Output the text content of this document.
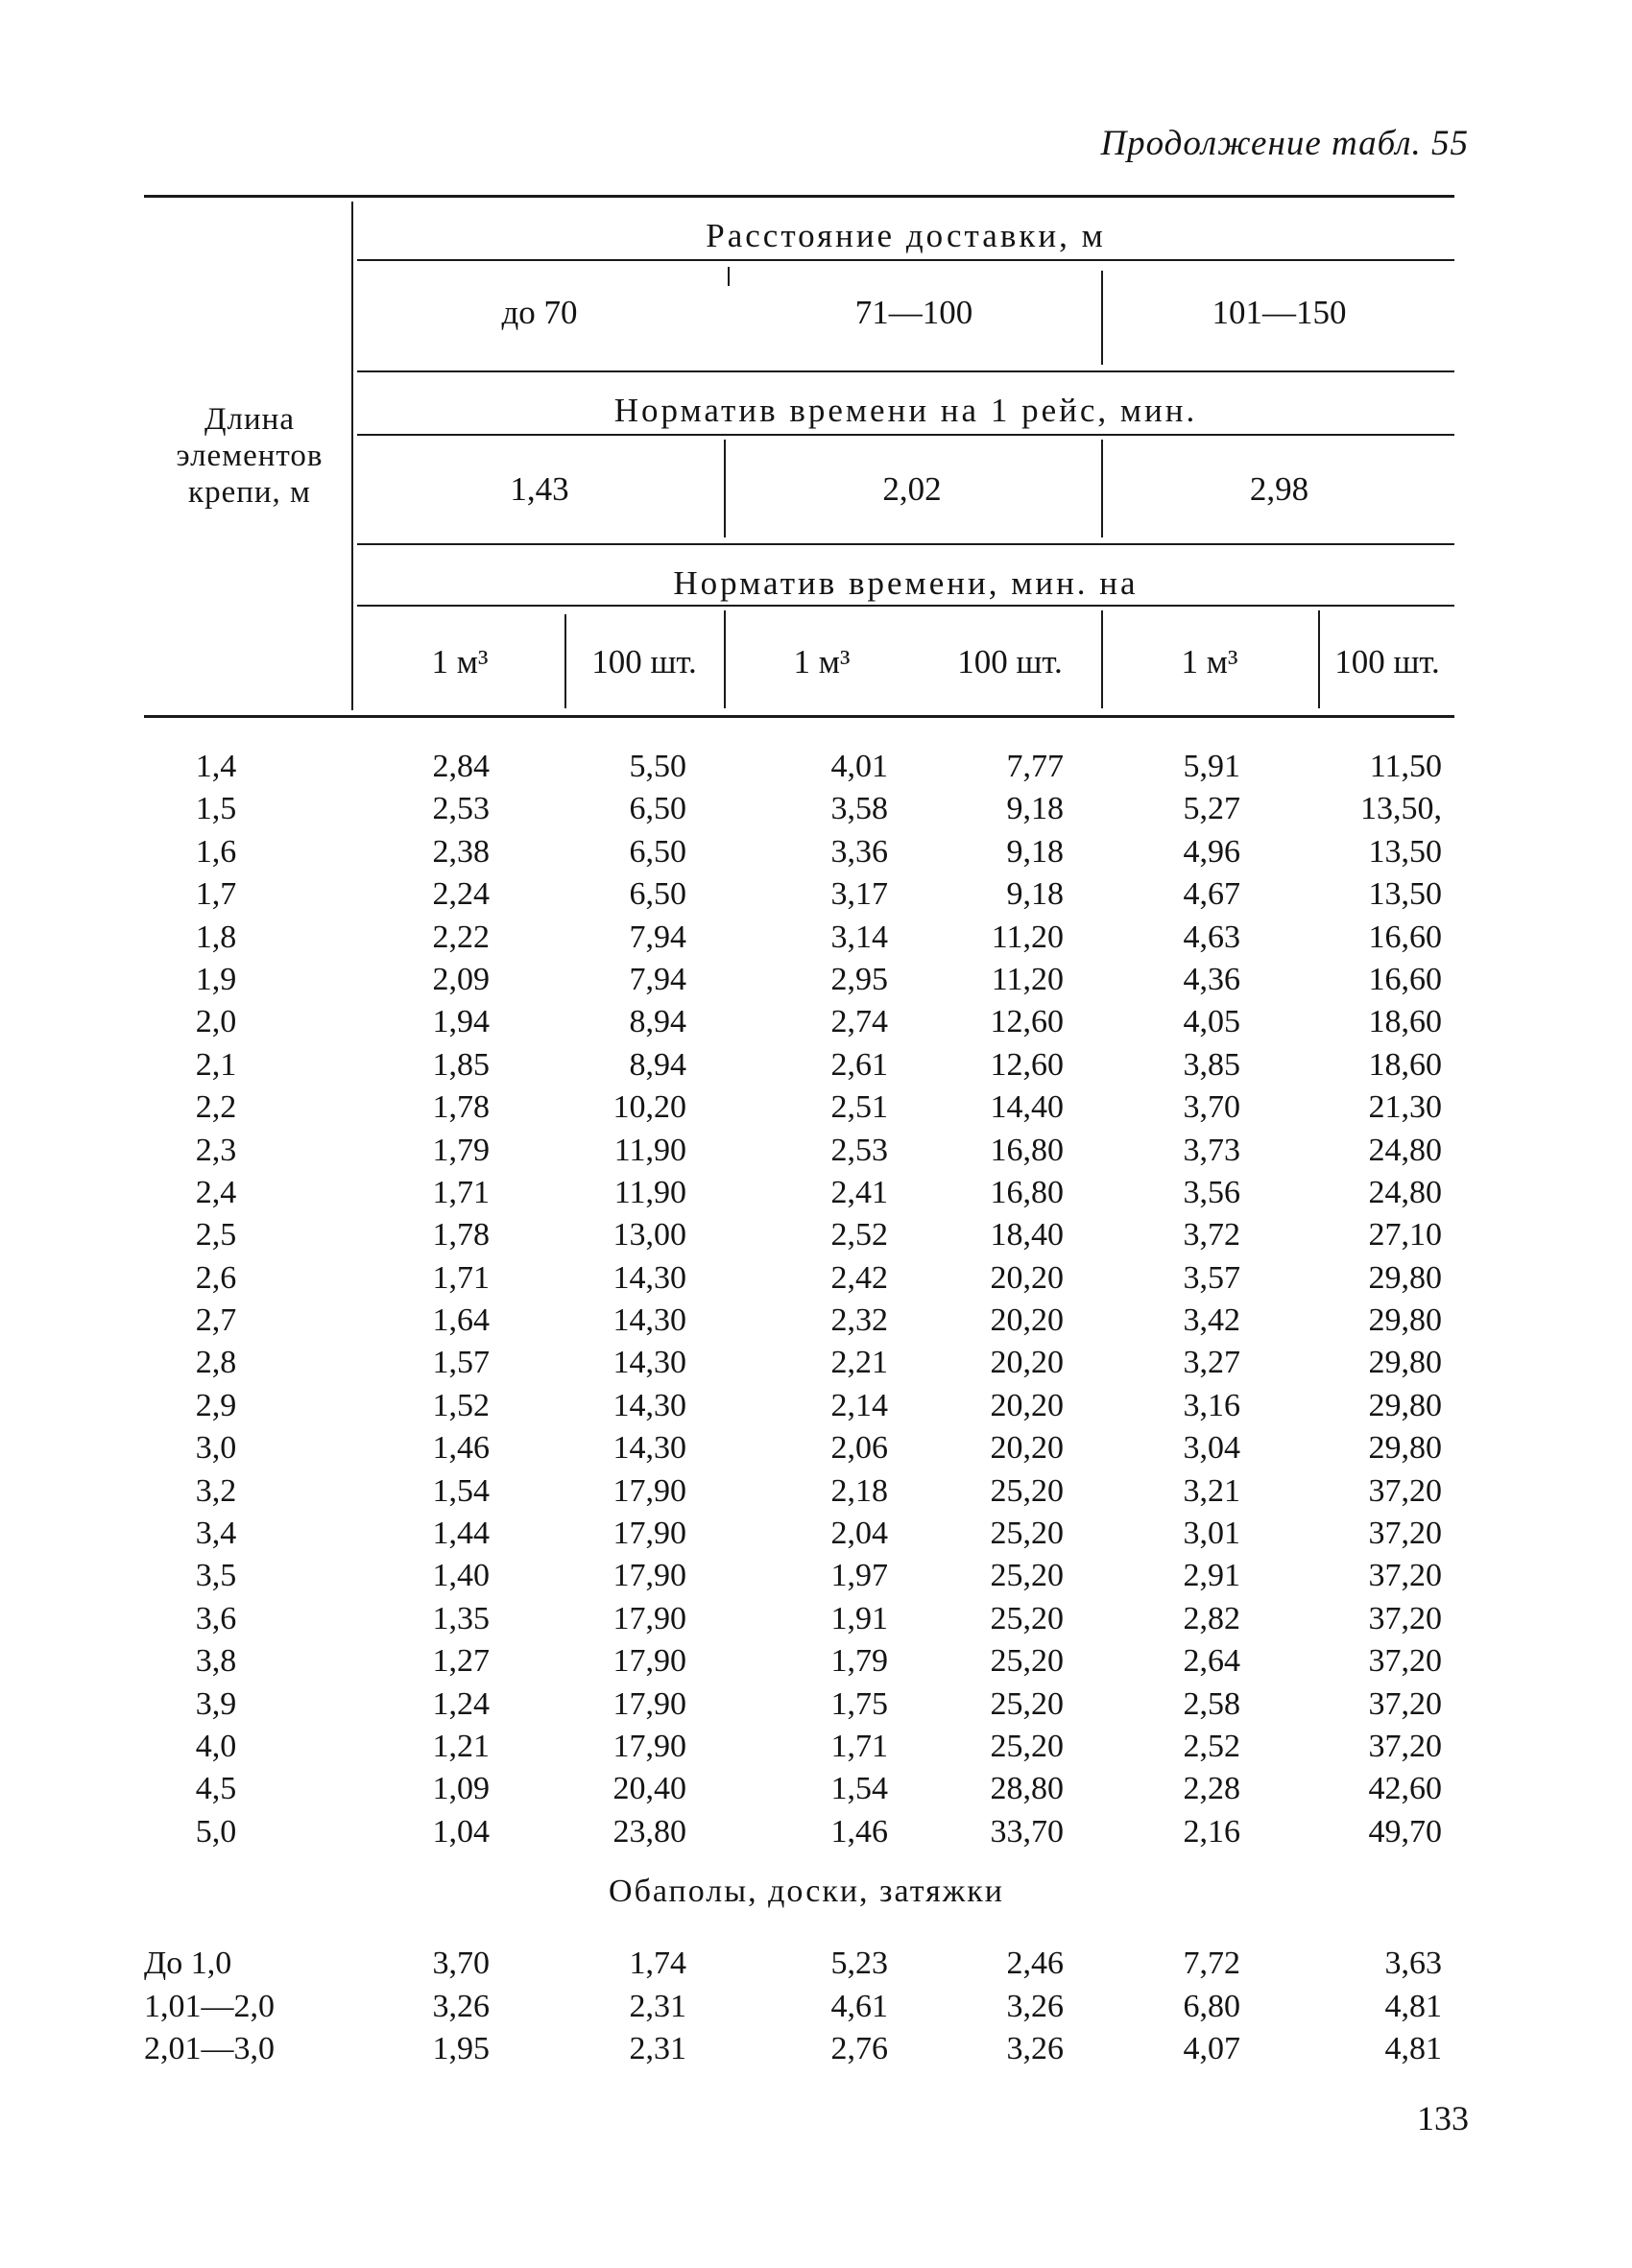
Продолжение табл. 55
Длина
элементов
крепи, м
Расстояние доставки, м
до 70	71—100	101—150
Норматив времени на 1 рейс, мин.
1,43	2,02	2,98
Норматив времени, мин. на
1 м³	100 шт.	1 м³	100 шт.	1 м³	100 шт.
1,4	2,84	5,50	4,01	7,77	5,91	11,50
1,5	2,53	6,50	3,58	9,18	5,27	13,50,
1,6	2,38	6,50	3,36	9,18	4,96	13,50
1,7	2,24	6,50	3,17	9,18	4,67	13,50
1,8	2,22	7,94	3,14	11,20	4,63	16,60
1,9	2,09	7,94	2,95	11,20	4,36	16,60
2,0	1,94	8,94	2,74	12,60	4,05	18,60
2,1	1,85	8,94	2,61	12,60	3,85	18,60
2,2	1,78	10,20	2,51	14,40	3,70	21,30
2,3	1,79	11,90	2,53	16,80	3,73	24,80
2,4	1,71	11,90	2,41	16,80	3,56	24,80
2,5	1,78	13,00	2,52	18,40	3,72	27,10
2,6	1,71	14,30	2,42	20,20	3,57	29,80
2,7	1,64	14,30	2,32	20,20	3,42	29,80
2,8	1,57	14,30	2,21	20,20	3,27	29,80
2,9	1,52	14,30	2,14	20,20	3,16	29,80
3,0	1,46	14,30	2,06	20,20	3,04	29,80
3,2	1,54	17,90	2,18	25,20	3,21	37,20
3,4	1,44	17,90	2,04	25,20	3,01	37,20
3,5	1,40	17,90	1,97	25,20	2,91	37,20
3,6	1,35	17,90	1,91	25,20	2,82	37,20
3,8	1,27	17,90	1,79	25,20	2,64	37,20
3,9	1,24	17,90	1,75	25,20	2,58	37,20
4,0	1,21	17,90	1,71	25,20	2,52	37,20
4,5	1,09	20,40	1,54	28,80	2,28	42,60
5,0	1,04	23,80	1,46	33,70	2,16	49,70
Обаполы, доски, затяжки
До 1,0	3,70	1,74	5,23	2,46	7,72	3,63
1,01—2,0	3,26	2,31	4,61	3,26	6,80	4,81
2,01—3,0	1,95	2,31	2,76	3,26	4,07	4,81
133
